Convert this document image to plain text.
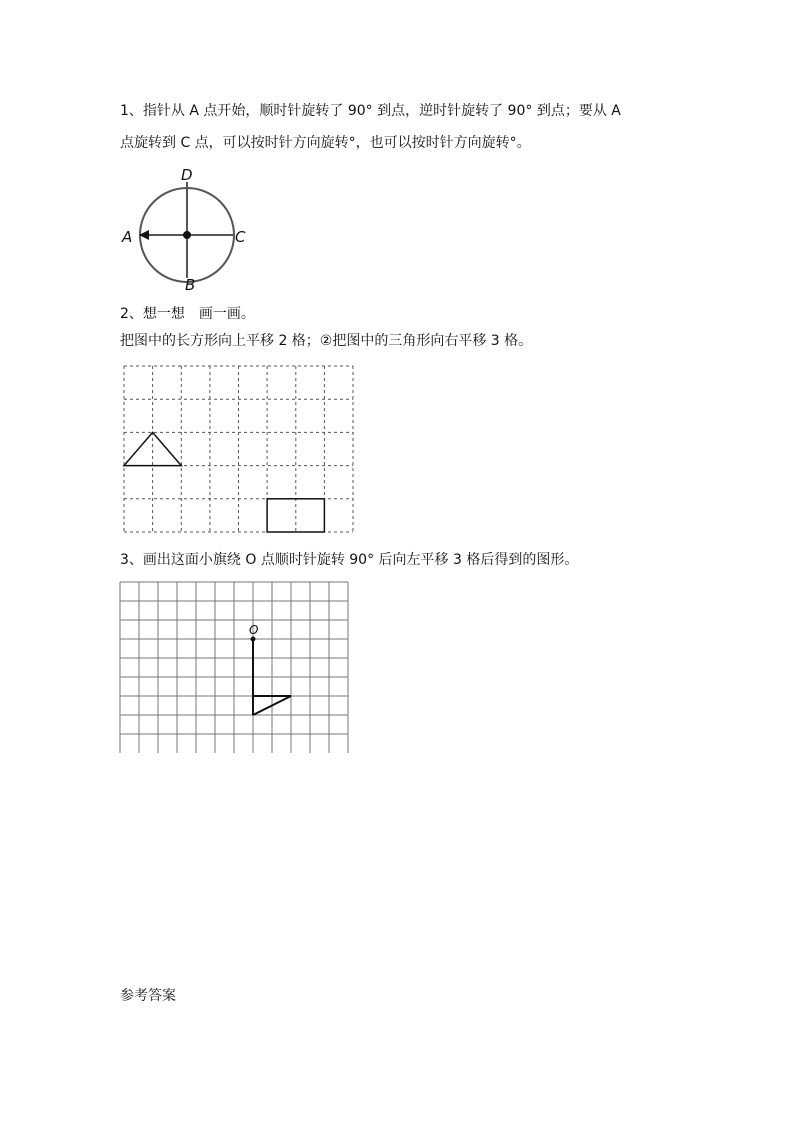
1、指针从 A 点开始，顺时针旋转了 90° 到点，逆时针旋转了 90° 到点；要从 A
点旋转到 C 点，可以按时针方向旋转°，也可以按时针方向旋转°。
D
A	C
B
2、想一想　画一画。
把图中的长方形向上平移 2 格；②把图中的三角形向右平移 3 格。
3、画出这面小旗绕 O 点顺时针旋转 90° 后向左平移 3 格后得到的图形。
O
参考答案
